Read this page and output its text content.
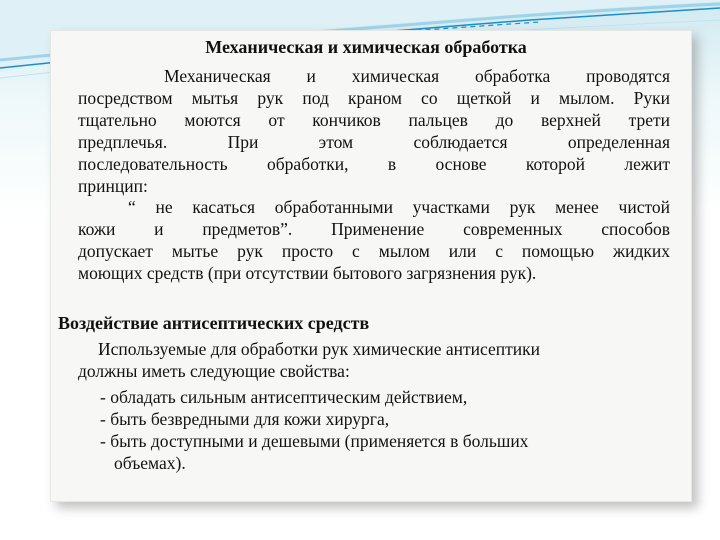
Механическая и химическая обработка
Механическая и химическая обработка проводятся
посредством мытья рук под краном со щеткой и мылом. Руки
тщательно моются от кончиков пальцев до верхней трети
предплечья. При этом соблюдается определенная
последовательность обработки, в основе которой лежит
принцип:
“ не касаться обработанными участками рук менее чистой
кожи и предметов”. Применение современных способов
допускает мытье рук просто с мылом или с помощью жидких
моющих средств (при отсутствии бытового загрязнения рук).
Воздействие антисептических средств
Используемые для обработки рук химические антисептики
должны иметь следующие свойства:
- обладать сильным антисептическим действием,
- быть безвредными для кожи хирурга,
- быть доступными и дешевыми (применяется в больших
объемах).
